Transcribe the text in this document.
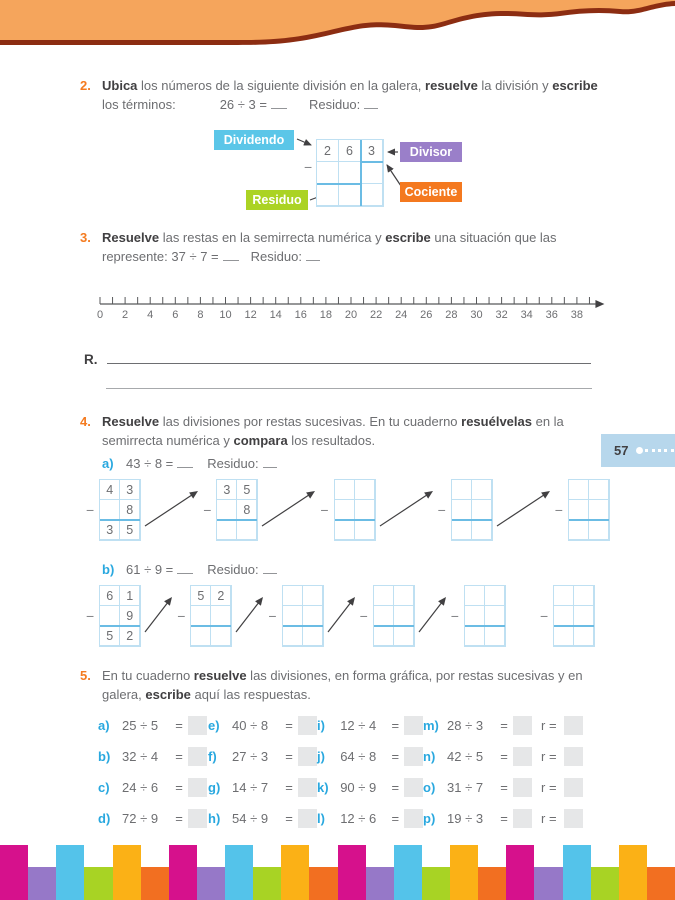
2. Ubica los números de la siguiente división en la galera, resuelve la división y escribe
los términos:	26 ÷ 3 =	Residuo:
Dividendo
Divisor
Cociente
Residuo
−
2	6	3
3. Resuelve las restas en la semirrecta numérica y escribe una situación que las
represente: 37 ÷ 7 = Residuo:
0 2 4 6 8 10 12 14 16 18 20 22 24 26 28 30 32 34 36 38
R.
4. Resuelve las divisiones por restas sucesivas. En tu cuaderno resuélvelas en la
semirrecta numérica y compara los resultados.
a) 43 ÷ 8 =	Residuo:
−
4	3
8
3	5
−
3	5
8	−	−	−
b) 61 ÷ 9 =	Residuo:
−
6	1
9
5	2
−
5	2
−	−	−	−
5. En tu cuaderno resuelve las divisiones, en forma gráfica, por restas sucesivas y en
galera, escribe aquí las respuestas.
a) 25 ÷ 5	=
b) 32 ÷ 4	=
c) 24 ÷ 6	=
d) 72 ÷ 9	=
e) 40 ÷ 8	=
f)	27 ÷ 3	=
g) 14 ÷ 7	=
h) 54 ÷ 9	=
i)	12 ÷ 4	=
j)	64 ÷ 8	=
k) 90 ÷ 9	=
l)	12 ÷ 6	=
m) 28 ÷ 3	=	r =
n) 42 ÷ 5	=	r =
o) 31 ÷ 7	=	r =
p) 19 ÷ 3	=	r =
57
